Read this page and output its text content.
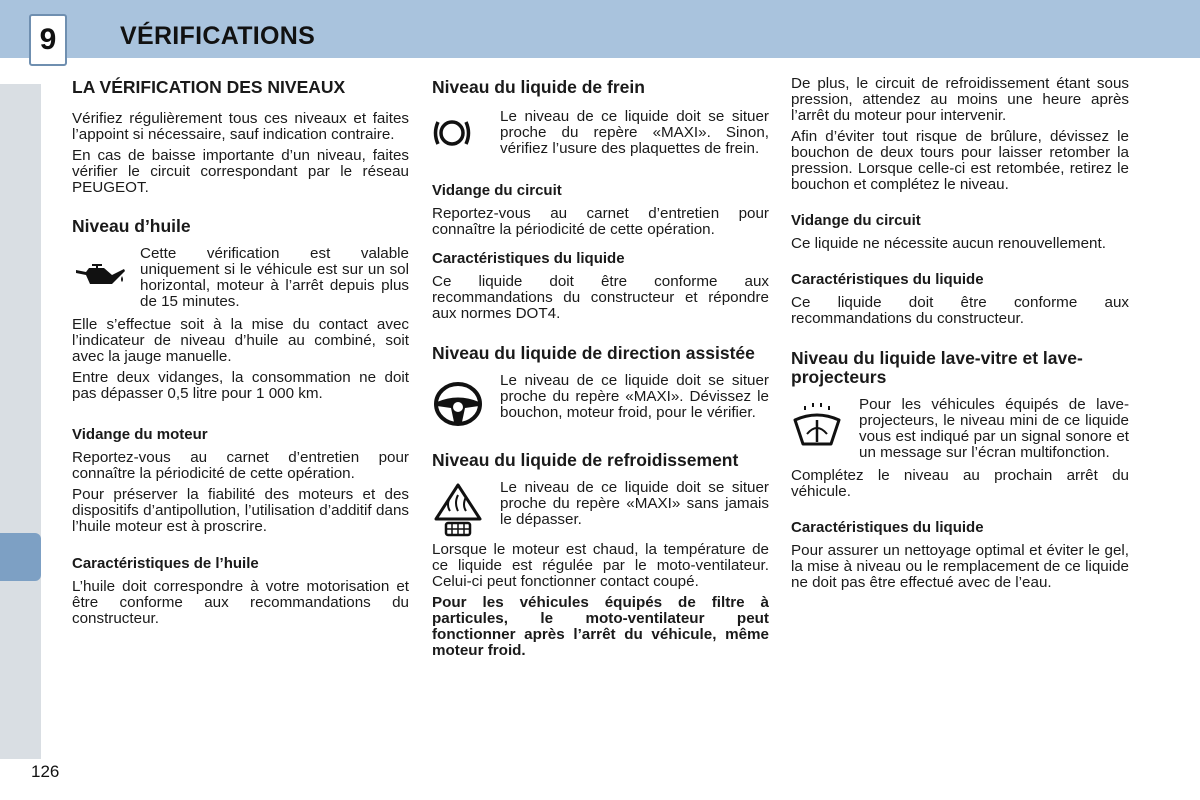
9	VÉRIFICATIONS
LA VÉRIFICATION DES NIVEAUX

Vérifiez régulièrement tous ces niveaux et faites l’appoint si nécessaire, sauf indication contraire.

En cas de baisse importante d’un niveau, faites vérifier le circuit correspondant par le réseau PEUGEOT.

Niveau d’huile

Cette vérification est valable uniquement si le véhicule est sur un sol horizontal, moteur à l’arrêt depuis plus de 15 minutes.

Elle s’effectue soit à la mise du contact avec l’indicateur de niveau d’huile au combiné, soit avec la jauge manuelle.

Entre deux vidanges, la consommation ne doit pas dépasser 0,5 litre pour 1 000 km.

Vidange du moteur

Reportez-vous au carnet d’entretien pour connaître la périodicité de cette opération.

Pour préserver la fiabilité des moteurs et des dispositifs d’antipollution, l’utilisation d’additif dans l’huile moteur est à proscrire.

Caractéristiques de l’huile

L’huile doit correspondre à votre motorisation et être conforme aux recommandations du constructeur.

Niveau du liquide de frein

Le niveau de ce liquide doit se situer proche du repère «MAXI». Sinon, vérifiez l’usure des plaquettes de frein.

Vidange du circuit

Reportez-vous au carnet d’entretien pour connaître la périodicité de cette opération.

Caractéristiques du liquide

Ce liquide doit être conforme aux recommandations du constructeur et répondre aux normes DOT4.

Niveau du liquide de direction assistée

Le niveau de ce liquide doit se situer proche du repère «MAXI». Dévissez le bouchon, moteur froid, pour le vérifier.

Niveau du liquide de refroidissement

Le niveau de ce liquide doit se situer proche du repère «MAXI» sans jamais le dépasser.

Lorsque le moteur est chaud, la température de ce liquide est régulée par le moto-ventilateur. Celui-ci peut fonctionner contact coupé.

Pour les véhicules équipés de filtre à particules, le moto-ventilateur peut fonctionner après l’arrêt du véhicule, même moteur froid.

De plus, le circuit de refroidissement étant sous pression, attendez au moins une heure après l’arrêt du moteur pour intervenir.

Afin d’éviter tout risque de brûlure, dévissez le bouchon de deux tours pour laisser retomber la pression. Lorsque celle-ci est retombée, retirez le bouchon et complétez le niveau.

Vidange du circuit

Ce liquide ne nécessite aucun renouvellement.

Caractéristiques du liquide

Ce liquide doit être conforme aux recommandations du constructeur.

Niveau du liquide lave-vitre et lave-projecteurs

Pour les véhicules équipés de lave-projecteurs, le niveau mini de ce liquide vous est indiqué par un signal sonore et un message sur l’écran multifonction.

Complétez le niveau au prochain arrêt du véhicule.

Caractéristiques du liquide

Pour assurer un nettoyage optimal et éviter le gel, la mise à niveau ou le remplacement de ce liquide ne doit pas être effectué avec de l’eau.

126
